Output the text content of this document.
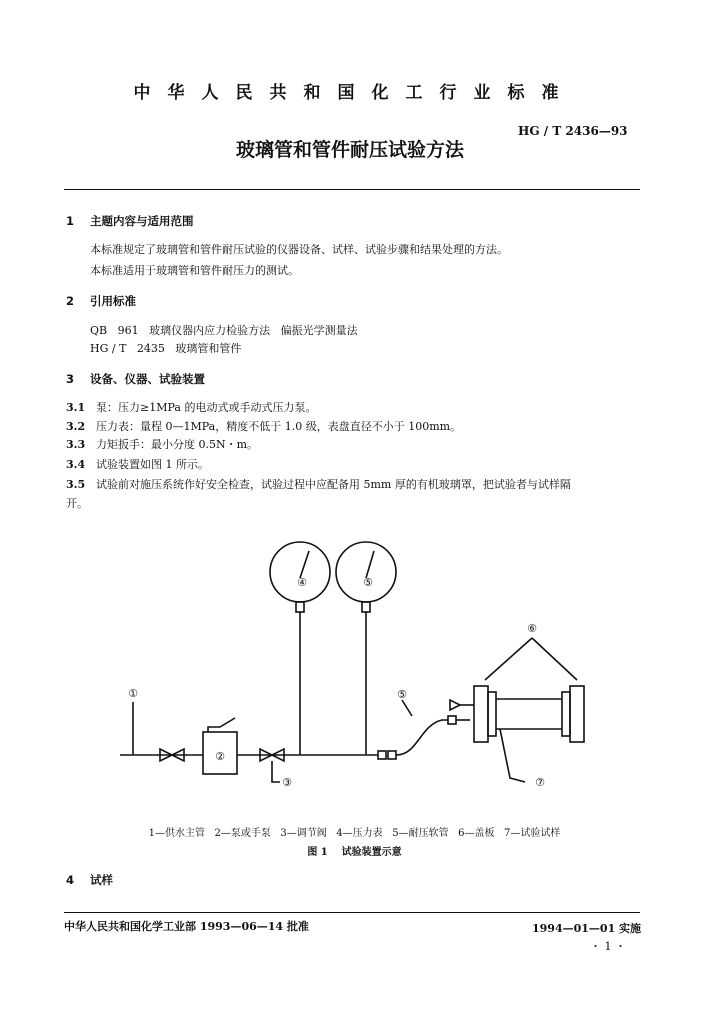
中华人民共和国化工行业标准
玻璃管和管件耐压试验方法
HG / T 2436—93
1 主题内容与适用范围
本标准规定了玻璃管和管件耐压试验的仪器设备、试样、试验步骤和结果处理的方法。
本标准适用于玻璃管和管件耐压力的测试。
2 引用标准
QB   961   玻璃仪器内应力检验方法   偏振光学测量法
HG / T   2435   玻璃管和管件
3 设备、仪器、试验装置
3.1 泵：压力≥1MPa 的电动式或手动式压力泵。
3.2 压力表：量程 0—1MPa，精度不低于 1.0 级，表盘直径不小于 100mm。
3.3 力矩扳手：最小分度 0.5N・m。
3.4 试验装置如图 1 所示。
3.5 试验前对施压系统作好安全检查，试验过程中应配备用 5mm 厚的有机玻璃罩，把试验者与试样隔
开。
①
②
③
④	⑤
⑤
⑥
⑦
1—供水主管   2—泵或手泵   3—调节阀   4—压力表   5—耐压软管   6—盖板   7—试验试样
图 1    试验装置示意
4 试样
中华人民共和国化学工业部 1993—06—14 批准	1994—01—01 实施
・ 1 ・
